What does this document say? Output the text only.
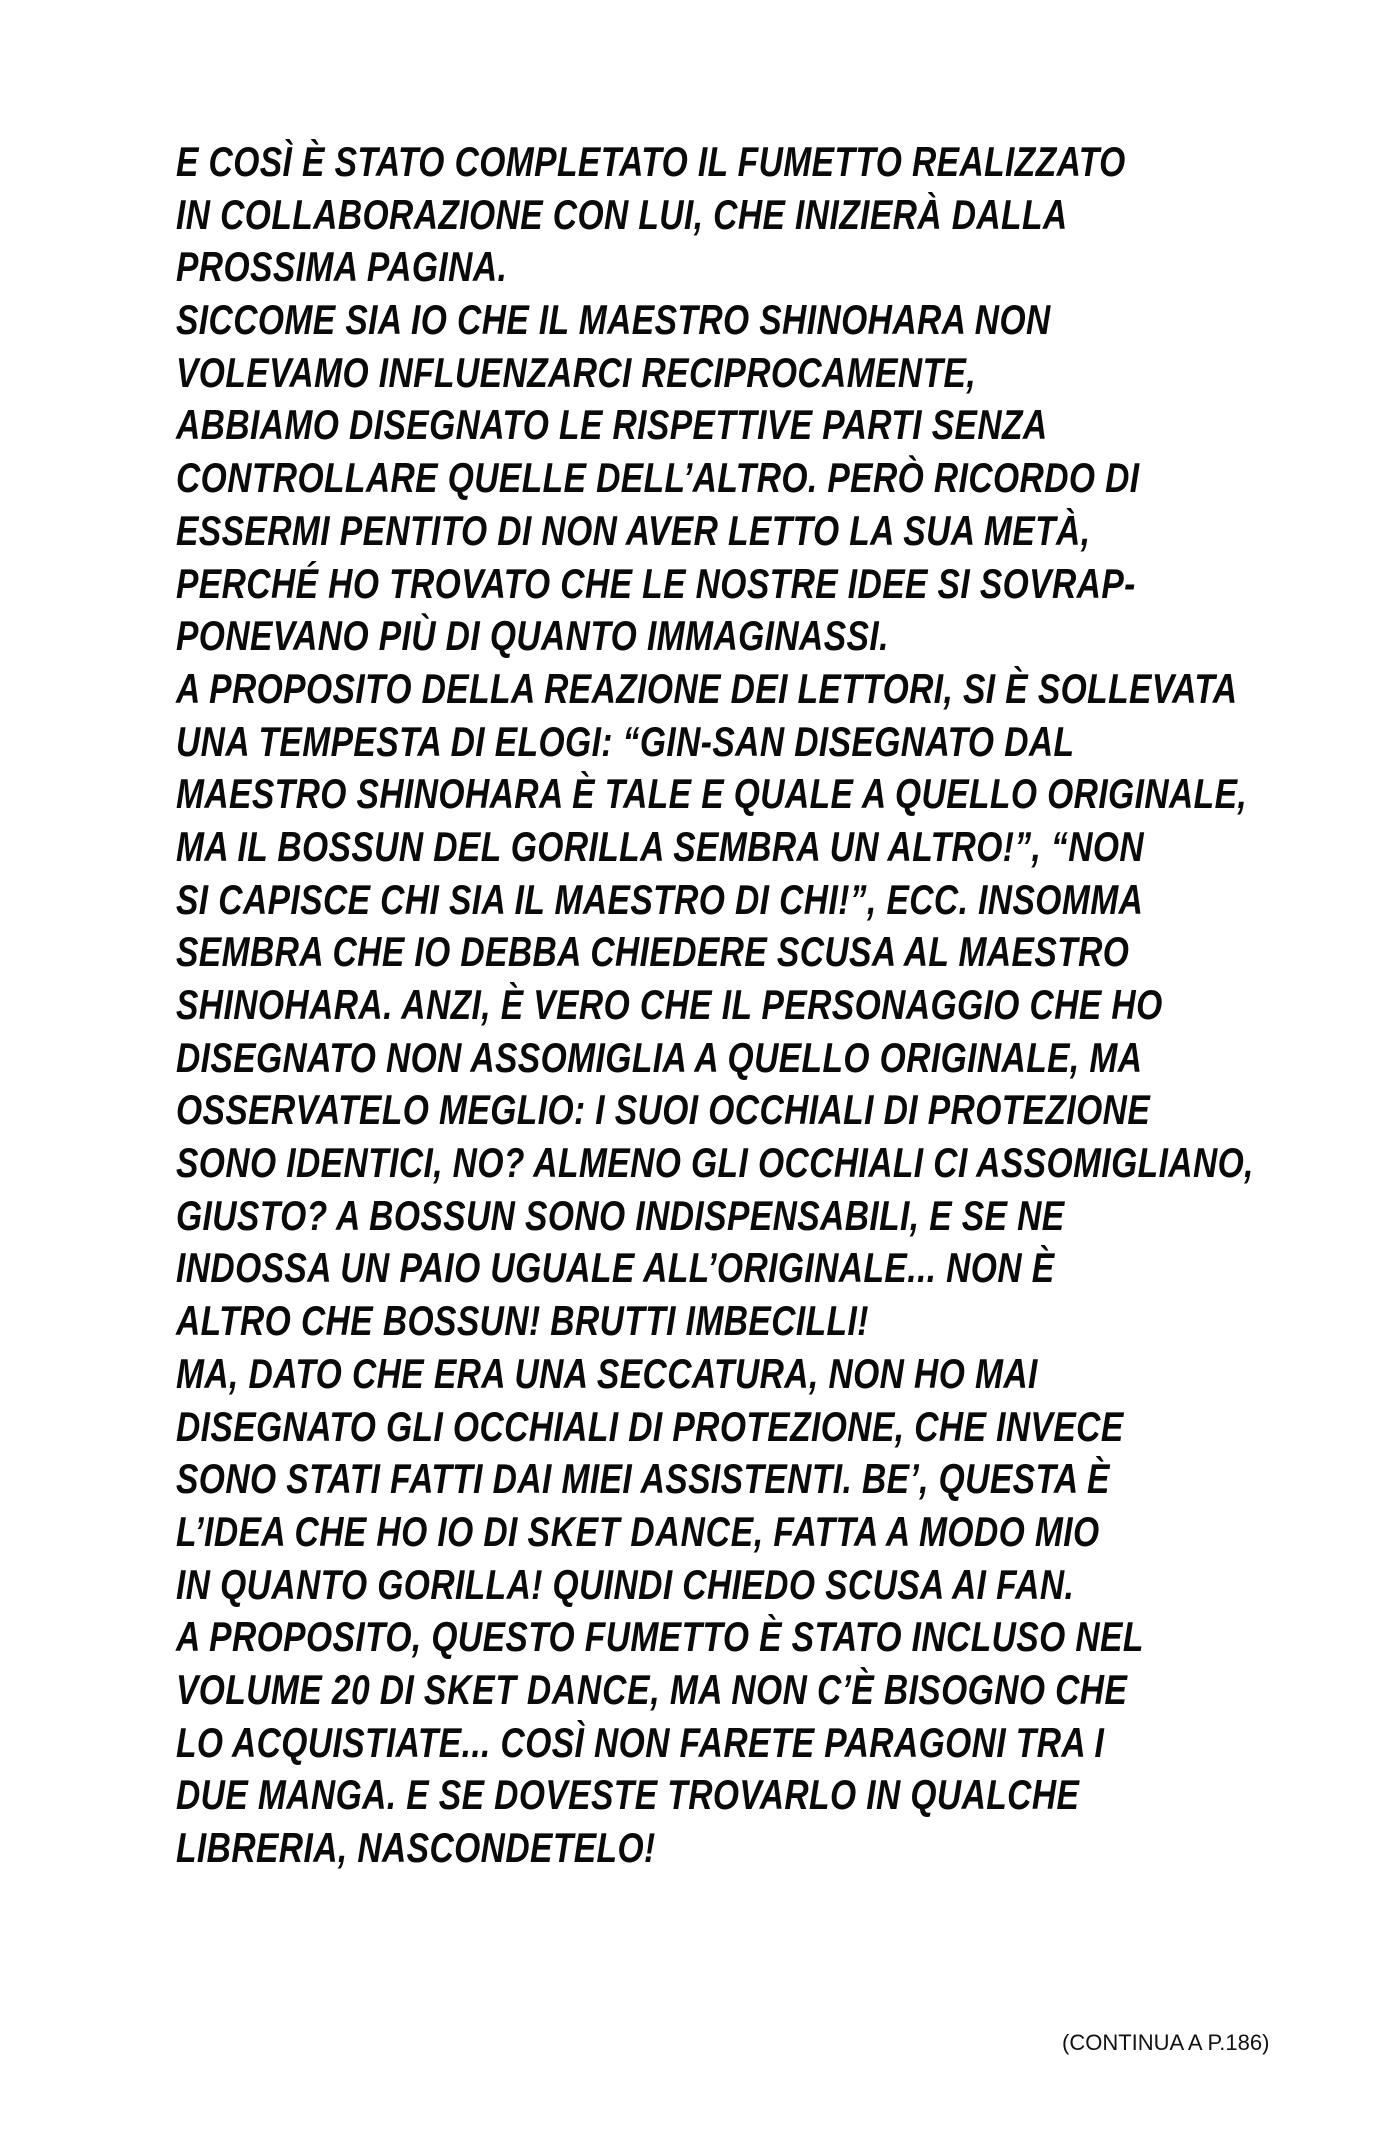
E COSÌ È STATO COMPLETATO IL FUMETTO REALIZZATO
IN COLLABORAZIONE CON LUI, CHE INIZIERÀ DALLA
PROSSIMA PAGINA.
SICCOME SIA IO CHE IL MAESTRO SHINOHARA NON
VOLEVAMO INFLUENZARCI RECIPROCAMENTE,
ABBIAMO DISEGNATO LE RISPETTIVE PARTI SENZA
CONTROLLARE QUELLE DELL’ALTRO. PERÒ RICORDO DI
ESSERMI PENTITO DI NON AVER LETTO LA SUA METÀ,
PERCHÉ HO TROVATO CHE LE NOSTRE IDEE SI SOVRAP-
PONEVANO PIÙ DI QUANTO IMMAGINASSI.
A PROPOSITO DELLA REAZIONE DEI LETTORI, SI È SOLLEVATA
UNA TEMPESTA DI ELOGI: “GIN-SAN DISEGNATO DAL
MAESTRO SHINOHARA È TALE E QUALE A QUELLO ORIGINALE,
MA IL BOSSUN DEL GORILLA SEMBRA UN ALTRO!”, “NON
SI CAPISCE CHI SIA IL MAESTRO DI CHI!”, ECC. INSOMMA
SEMBRA CHE IO DEBBA CHIEDERE SCUSA AL MAESTRO
SHINOHARA. ANZI, È VERO CHE IL PERSONAGGIO CHE HO
DISEGNATO NON ASSOMIGLIA A QUELLO ORIGINALE, MA
OSSERVATELO MEGLIO: I SUOI OCCHIALI DI PROTEZIONE
SONO IDENTICI, NO? ALMENO GLI OCCHIALI CI ASSOMIGLIANO,
GIUSTO? A BOSSUN SONO INDISPENSABILI, E SE NE
INDOSSA UN PAIO UGUALE ALL’ORIGINALE... NON È
ALTRO CHE BOSSUN! BRUTTI IMBECILLI!
MA, DATO CHE ERA UNA SECCATURA, NON HO MAI
DISEGNATO GLI OCCHIALI DI PROTEZIONE, CHE INVECE
SONO STATI FATTI DAI MIEI ASSISTENTI. BE’, QUESTA È
L’IDEA CHE HO IO DI SKET DANCE, FATTA A MODO MIO
IN QUANTO GORILLA! QUINDI CHIEDO SCUSA AI FAN.
A PROPOSITO, QUESTO FUMETTO È STATO INCLUSO NEL
VOLUME 20 DI SKET DANCE, MA NON C’È BISOGNO CHE
LO ACQUISTIATE... COSÌ NON FARETE PARAGONI TRA I
DUE MANGA. E SE DOVESTE TROVARLO IN QUALCHE
LIBRERIA, NASCONDETELO!
(CONTINUA A P.186)
